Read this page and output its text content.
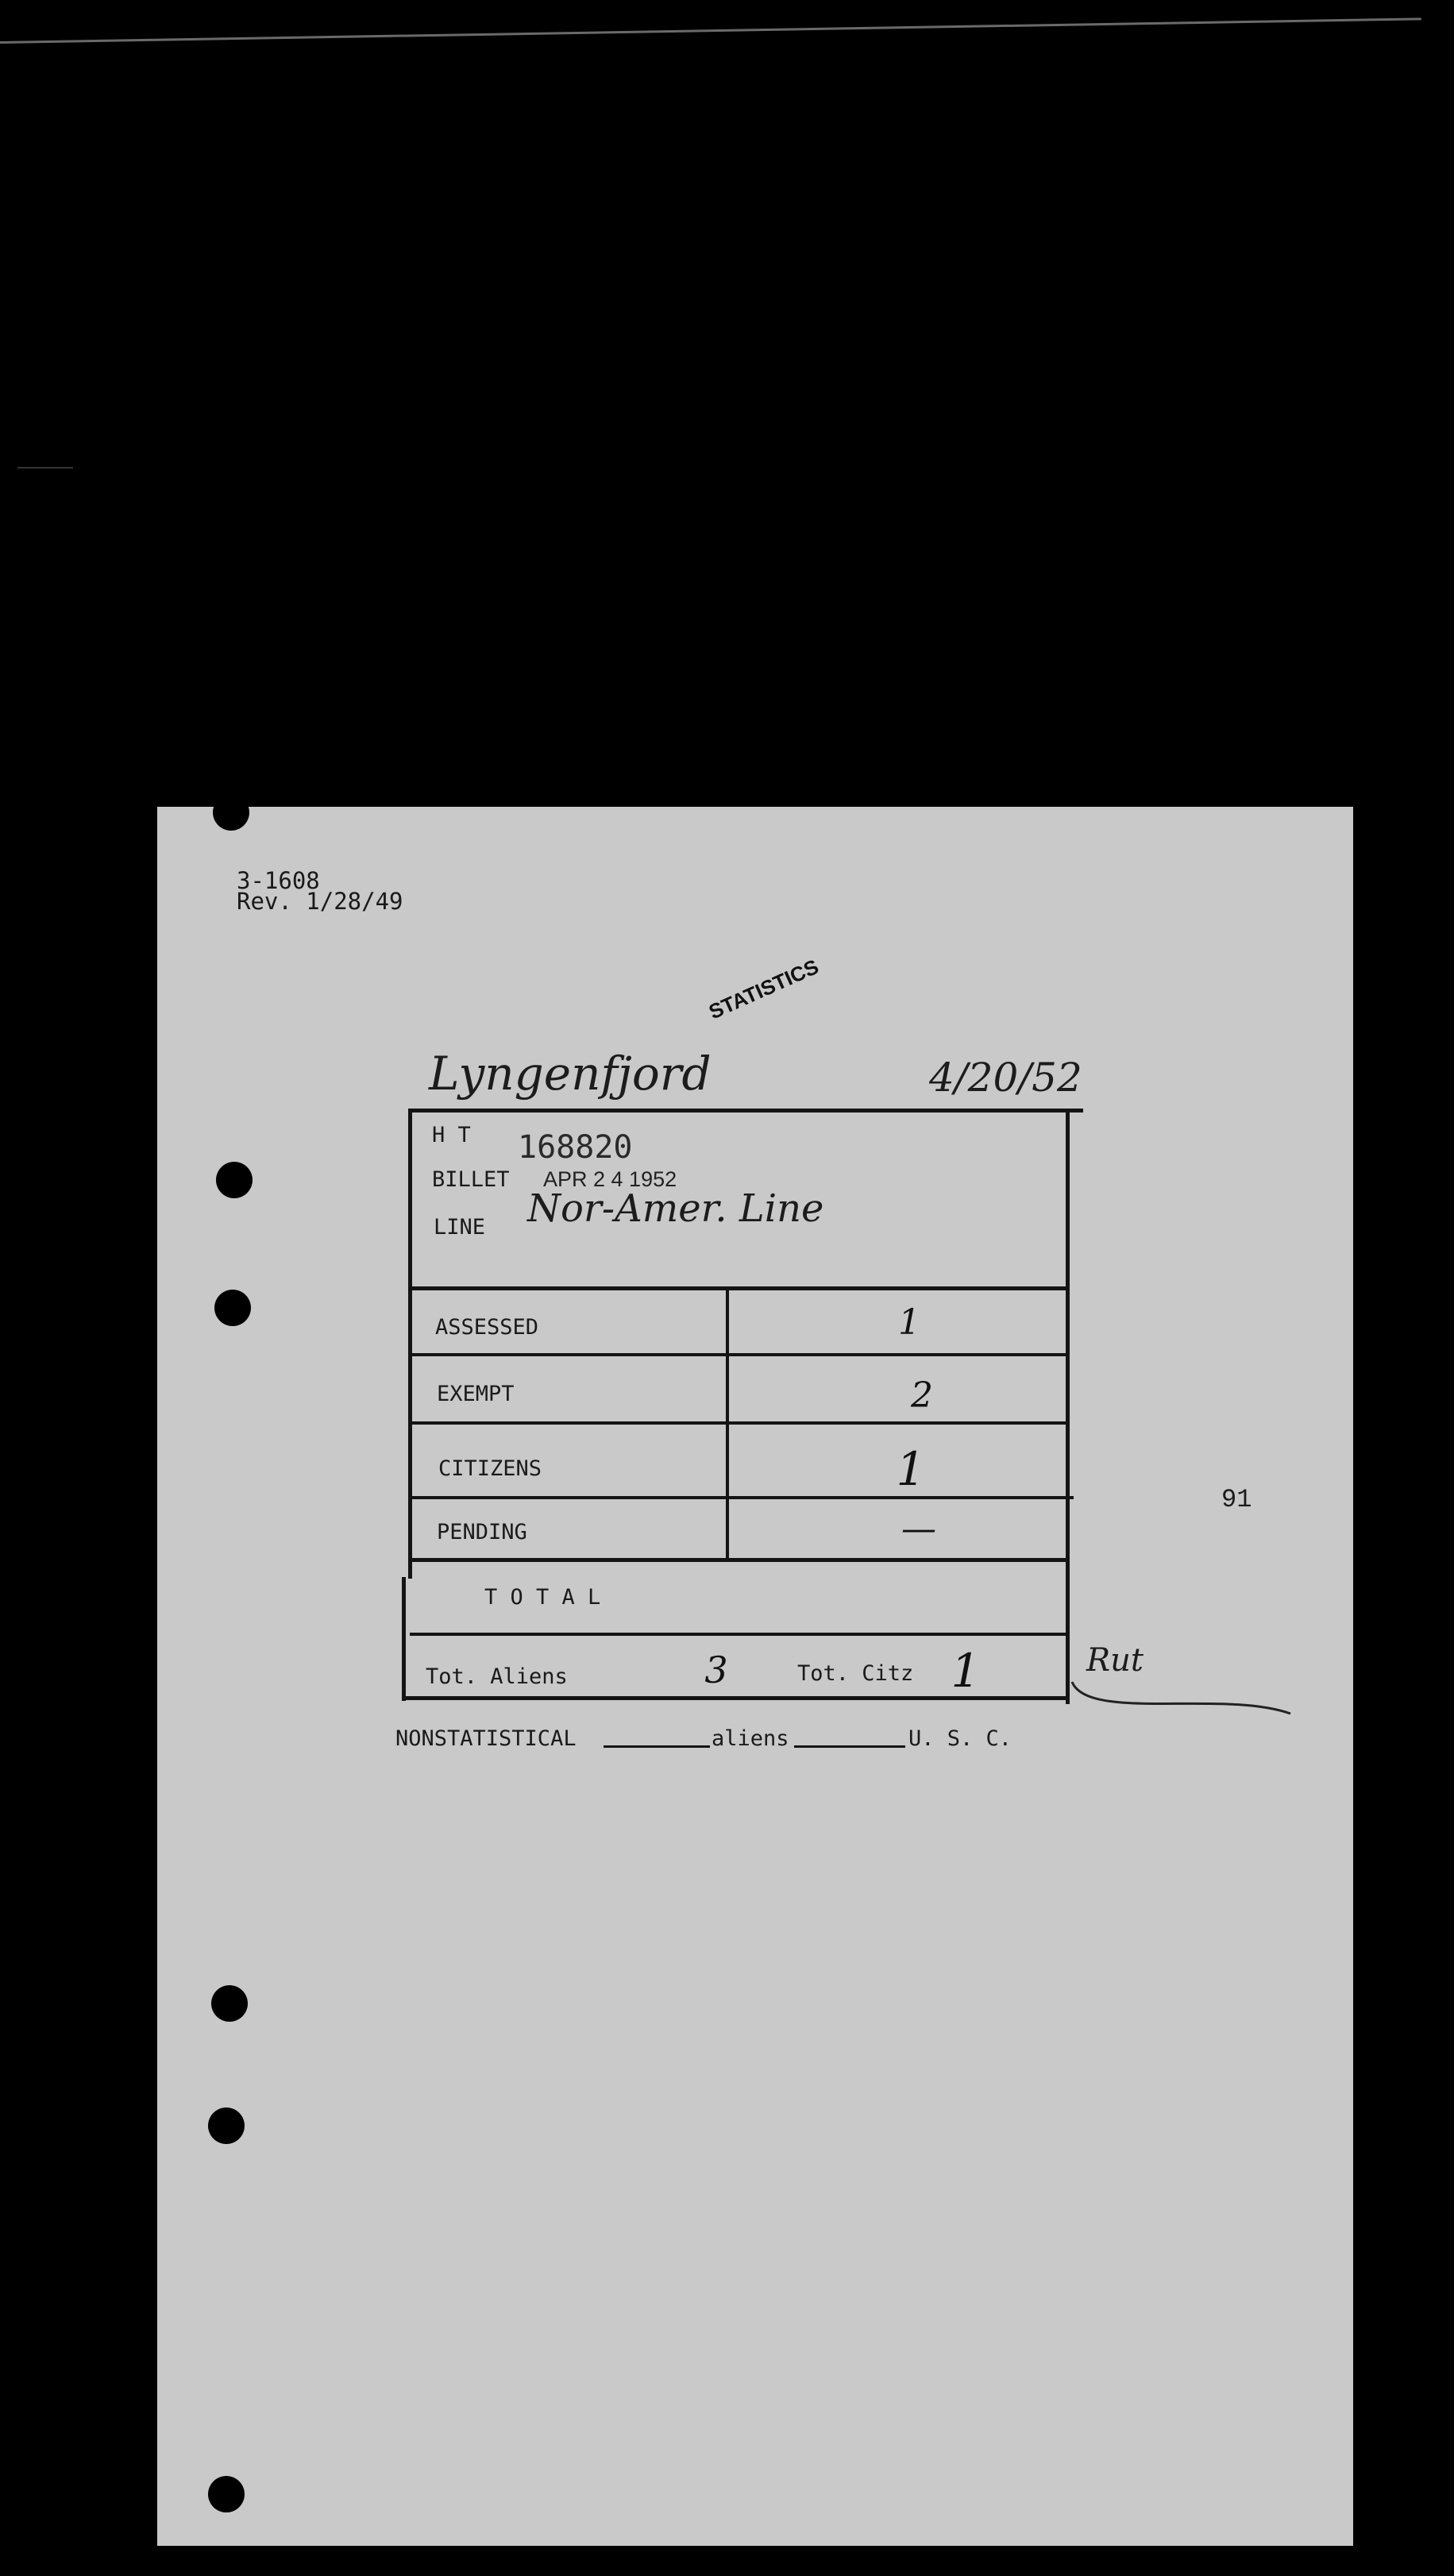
3-1608
Rev. 1/28/49
Lyngenfjord
STATISTICS
4/20/52
H T 168820
BILLET APR 2 4 1952
LINE Nor-Amer. Line
ASSESSED	1
EXEMPT	2
CITIZENS	1
PENDING	—
T O T A L
Tot. Aliens	3	Tot. Citz 1	Rut
NONSTATISTICAL	aliens	U. S. C.
91
